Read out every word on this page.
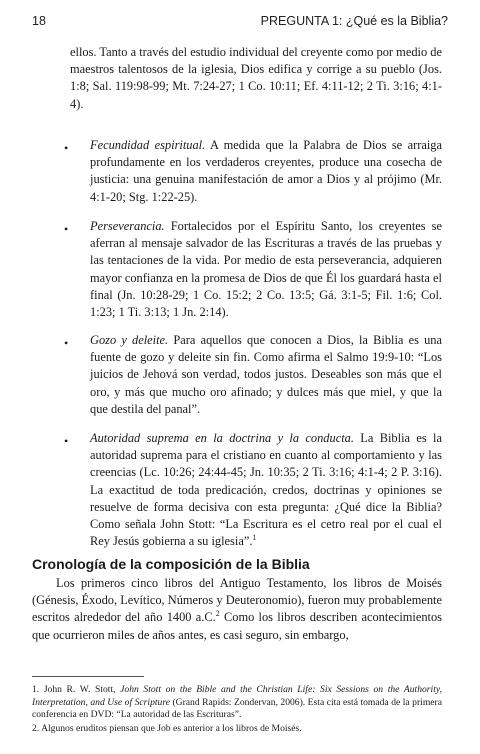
18	PREGUNTA 1: ¿Qué es la Biblia?

ellos. Tanto a través del estudio individual del creyente como por medio de maestros talentosos de la iglesia, Dios edifica y corrige a su pueblo (Jos. 1:8; Sal. 119:98-99; Mt. 7:24-27; 1 Co. 10:11; Ef. 4:11-12; 2 Ti. 3:16; 4:1-4).

• Fecundidad espiritual. A medida que la Palabra de Dios se arraiga profundamente en los verdaderos creyentes, produce una cosecha de justicia: una genuina manifestación de amor a Dios y al prójimo (Mr. 4:1-20; Stg. 1:22-25).

• Perseverancia. Fortalecidos por el Espíritu Santo, los creyentes se aferran al mensaje salvador de las Escrituras a través de las pruebas y las tentaciones de la vida. Por medio de esta perseverancia, adquieren mayor confianza en la promesa de Dios de que Él los guardará hasta el final (Jn. 10:28-29; 1 Co. 15:2; 2 Co. 13:5; Gá. 3:1-5; Fil. 1:6; Col. 1:23; 1 Ti. 3:13; 1 Jn. 2:14).

• Gozo y deleite. Para aquellos que conocen a Dios, la Biblia es una fuente de gozo y deleite sin fin. Como afirma el Salmo 19:9-10: “Los juicios de Jehová son verdad, todos justos. Deseables son más que el oro, y más que mucho oro afinado; y dulces más que miel, y que la que destila del panal”.

• Autoridad suprema en la doctrina y la conducta. La Biblia es la autoridad suprema para el cristiano en cuanto al comportamiento y las creencias (Lc. 10:26; 24:44-45; Jn. 10:35; 2 Ti. 3:16; 4:1-4; 2 P. 3:16). La exactitud de toda predicación, credos, doctrinas y opiniones se resuelve de forma decisiva con esta pregunta: ¿Qué dice la Biblia? Como señala John Stott: “La Escritura es el cetro real por el cual el Rey Jesús gobierna a su iglesia”.$^1$

Cronología de la composición de la Biblia

Los primeros cinco libros del Antiguo Testamento, los libros de Moisés (Génesis, Éxodo, Levítico, Números y Deuteronomio), fueron muy probablemente escritos alrededor del año 1400 a.C.$^2$ Como los libros describen acontecimientos que ocurrieron miles de años antes, es casi seguro, sin embargo,

1. John R. W. Stott, John Stott on the Bible and the Christian Life: Six Sessions on the Authority, Interpretation, and Use of Scripture (Grand Rapids: Zondervan, 2006). Esta cita está tomada de la primera conferencia en DVD: “La autoridad de las Escrituras”.

2. Algunos eruditos piensan que Job es anterior a los libros de Moisés.
